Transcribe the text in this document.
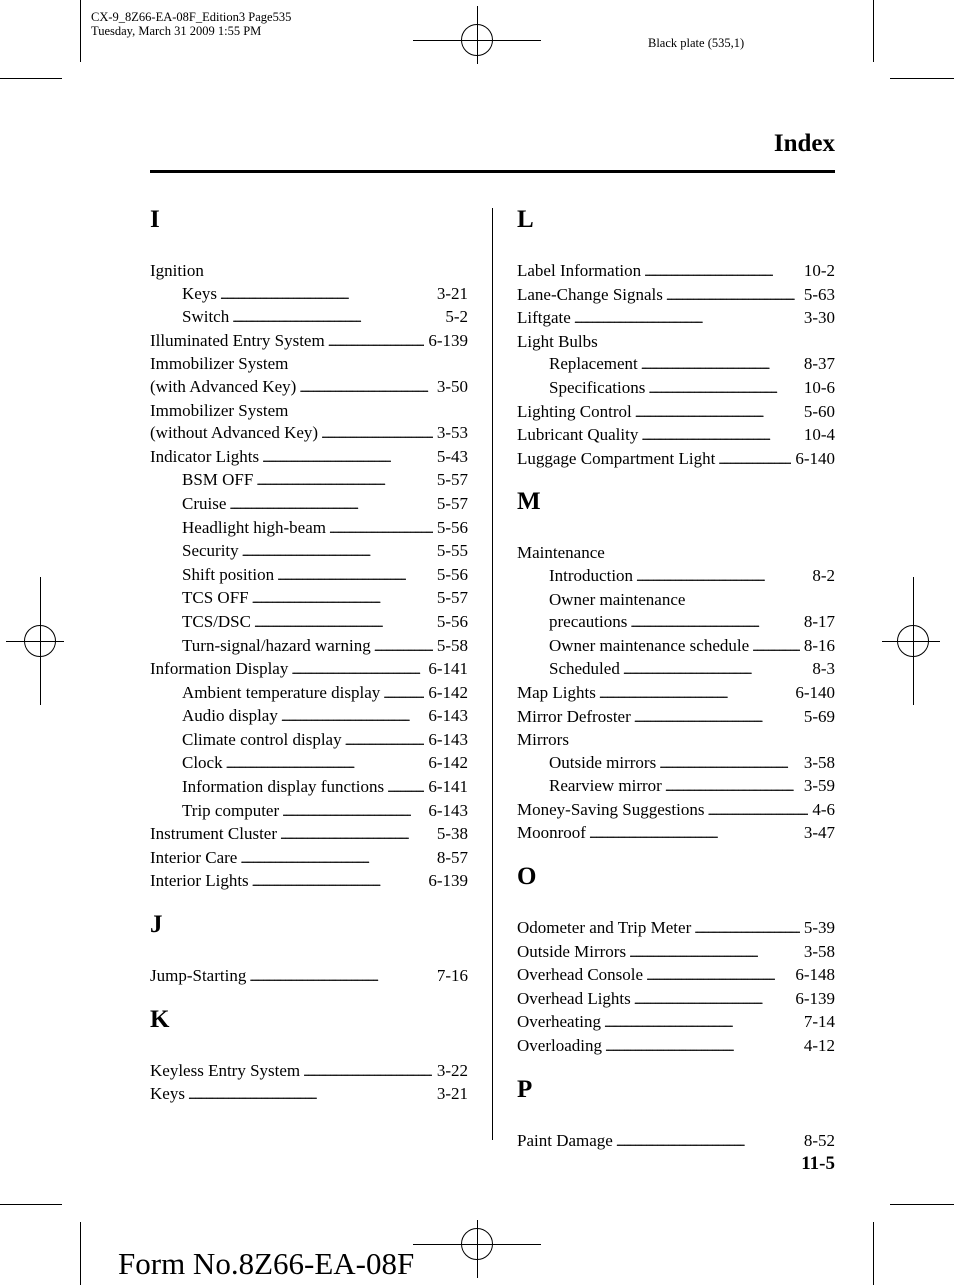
CX-9_8Z66-EA-08F_Edition3 Page535
Tuesday, March 31 2009 1:55 PM
Black plate (535,1)
Index
I
Ignition
Keys . . .	3-21
Switch . . .	5-2
Illuminated Entry System . . .	6-139
Immobilizer System
(with Advanced Key) . . .	3-50
Immobilizer System
(without Advanced Key) . . .	3-53
Indicator Lights . . .	5-43
BSM OFF . . .	5-57
Cruise . . .	5-57
Headlight high-beam . . .	5-56
Security . . .	5-55
Shift position . . .	5-56
TCS OFF . . .	5-57
TCS/DSC . . .	5-56
Turn-signal/hazard warning . . .	5-58
Information Display . . .	6-141
Ambient temperature display . . .	6-142
Audio display . . .	6-143
Climate control display . . .	6-143
Clock . . .	6-142
Information display functions . . .	6-141
Trip computer . . .	6-143
Instrument Cluster . . .	5-38
Interior Care . . .	8-57
Interior Lights . . .	6-139
J
Jump-Starting . . .	7-16
K
Keyless Entry System . . .	3-22
Keys . . .	3-21
L
Label Information . . .	10-2
Lane-Change Signals . . .	5-63
Liftgate . . .	3-30
Light Bulbs
Replacement . . .	8-37
Specifications . . .	10-6
Lighting Control . . .	5-60
Lubricant Quality . . .	10-4
Luggage Compartment Light . . .	6-140
M
Maintenance
Introduction . . .	8-2
Owner maintenance
precautions . . .	8-17
Owner maintenance schedule . . .	8-16
Scheduled . . .	8-3
Map Lights . . .	6-140
Mirror Defroster . . .	5-69
Mirrors
Outside mirrors . . .	3-58
Rearview mirror . . .	3-59
Money-Saving Suggestions . . .	4-6
Moonroof . . .	3-47
O
Odometer and Trip Meter . . .	5-39
Outside Mirrors . . .	3-58
Overhead Console . . .	6-148
Overhead Lights . . .	6-139
Overheating . . .	7-14
Overloading . . .	4-12
P
Paint Damage . . .	8-52
11-5
Form No.8Z66-EA-08F
